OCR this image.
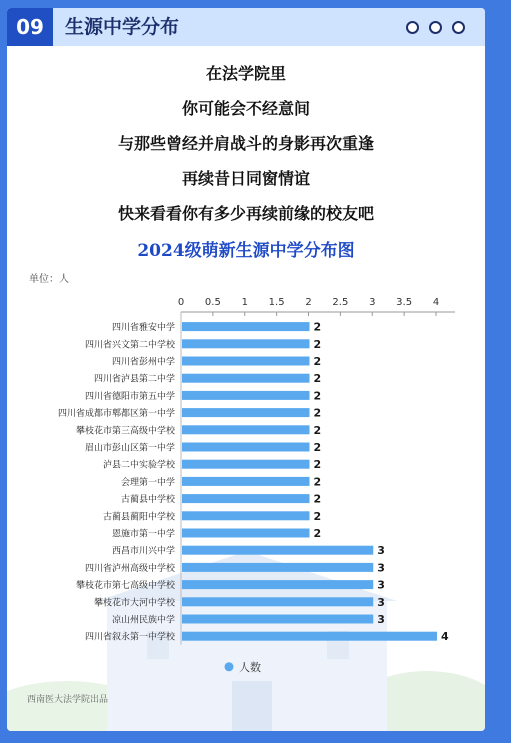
09	生源中学分布
在法学院里
你可能会不经意间
与那些曾经并肩战斗的身影再次重逢
再续昔日同窗情谊
快来看看你有多少再续前缘的校友吧
2024级萌新生源中学分布图
单位：人
0 0.5 1 1.5 2 2.5 3 3.5 4
四川省雅安中学	2
四川省兴文第二中学校	2
四川省彭州中学	2
四川省泸县第二中学	2
四川省德阳市第五中学	2
四川省成都市郫都区第一中学	2
攀枝花市第三高级中学校	2
眉山市彭山区第一中学	2
泸县二中实验学校	2
会理第一中学	2
古蔺县中学校	2
古蔺县蔺阳中学校	2
恩施市第一中学	2
西昌市川兴中学	3
四川省泸州高级中学校	3
攀枝花市第七高级中学校	3
攀枝花市大河中学校	3
凉山州民族中学	3
四川省叙永第一中学校	4
人数
西南医大法学院出品
